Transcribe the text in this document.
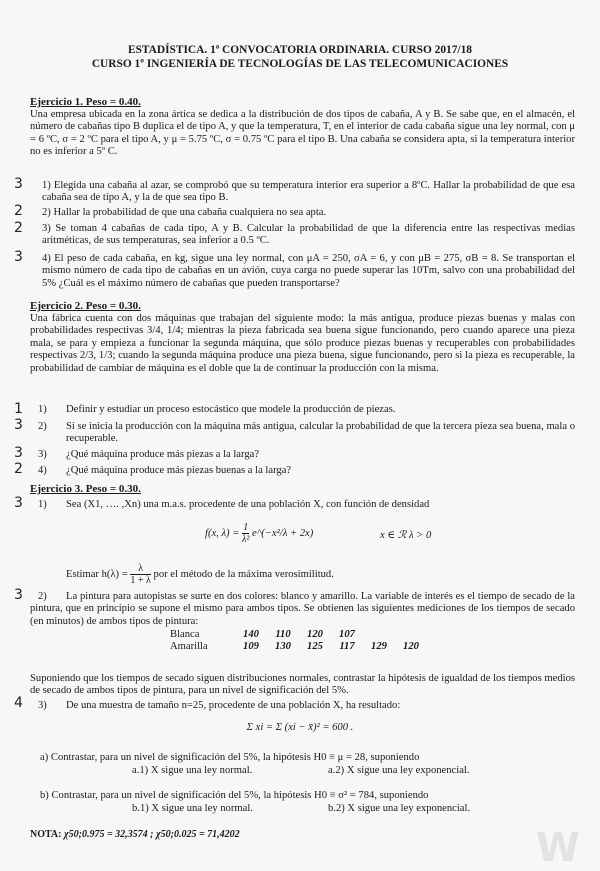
ESTADÍSTICA. 1ª CONVOCATORIA ORDINARIA. CURSO 2017/18
CURSO 1º INGENIERÍA DE TECNOLOGÍAS DE LAS TELECOMUNICACIONES
Ejercicio 1. Peso = 0.40.
Una empresa ubicada en la zona ártica se dedica a la distribución de dos tipos de cabaña, A y B. Se sabe que, en el almacén, el número de cabañas tipo B duplica el de tipo A, y que la temperatura, T, en el interior de cada cabaña sigue una ley normal, con μ = 6 ºC, σ = 2 ºC para el tipo A, y μ = 5.75 ºC, σ = 0.75 ºC para el tipo B. Una cabaña se considera apta, si la temperatura interior no es inferior a 5º C.
3 1) Elegida una cabaña al azar, se comprobó que su temperatura interior era superior a 8ºC. Hallar la probabilidad de que esa cabaña sea de tipo A, y la de que sea tipo B.
2 2) Hallar la probabilidad de que una cabaña cualquiera no sea apta.
2 3) Se toman 4 cabañas de cada tipo, A y B. Calcular la probabilidad de que la diferencia entre las respectivas medias aritméticas, de sus temperaturas, sea inferior a 0.5 ºC.
3 4) El peso de cada cabaña, en kg, sigue una ley normal, con μA = 250, σA = 6, y con μB = 275, σB = 8. Se transportan el mismo número de cada tipo de cabañas en un avión, cuya carga no puede superar las 10Tm, salvo con una probabilidad del 5% ¿Cuál es el máximo número de cabañas que pueden transportarse?
Ejercicio 2. Peso = 0.30.
Una fábrica cuenta con dos máquinas que trabajan del siguiente modo: la más antigua, produce piezas buenas y malas con probabilidades respectivas 3/4, 1/4; mientras la pieza fabricada sea buena sigue funcionando, pero cuando aparece una pieza mala, se para y empieza a funcionar la segunda máquina, que sólo produce piezas buenas y recuperables con probabilidades respectivas 2/3, 1/3; cuando la segunda máquina produce una pieza buena, sigue funcionando, pero si la pieza es recuperable, la probabilidad de cambiar de máquina es el doble que la de continuar la producción con la misma.
1 1) Definir y estudiar un proceso estocástico que modele la producción de piezas.
3 2) Si se inicia la producción con la máquina más antigua, calcular la probabilidad de que la tercera pieza sea buena, mala o recuperable.
3 3) ¿Qué máquina produce más piezas a la larga?
2 4) ¿Qué máquina produce más piezas buenas a la larga?
Ejercicio 3. Peso = 0.30.
3 1) Sea (X1, …. ,Xn) una m.a.s. procedente de una población X, con función de densidad
f(x, $\lambda) = \frac{1}{\text{λ²}}$ e^(−x²/λ + 2x)	x ∈ ℛ λ > 0
Estimar $h(\lambda) = \frac{\lambda}{1 + \lambda}$ por el método de la máxima verosimilitud.
3 2)	La pintura para autopistas se surte en dos colores: blanco y amarillo. La variable de interés es el tiempo de secado de la pintura, que en principio se supone el mismo para ambos tipos. Se obtienen las siguientes mediciones de los tiempos de secado (en minutos) de ambos tipos de pintura:
Blanca	140	110	120	107		
Amarilla	109	130	125	117	129	120
Suponiendo que los tiempos de secado siguen distribuciones normales, contrastar la hipótesis de igualdad de los tiempos medios de secado de ambos tipos de pintura, para un nivel de significación del 5%.
4 3) De una muestra de tamaño n=25, procedente de una población X, ha resultado:
Σ xi = Σ (xi − x̄)² = 600 .
a) Contrastar, para un nivel de significación del 5%, la hipótesis H0 ≡ μ = 28, suponiendo
a.1) X sigue una ley normal.	a.2) X sigue una ley exponencial.
b) Contrastar, para un nivel de significación del 5%, la hipótesis H0 ≡ σ² = 784, suponiendo
b.1) X sigue una ley normal.	b.2) X sigue una ley exponencial.
NOTA: χ50;0.975 = 32,3574 ; χ50;0.025 = 71,4202	W
